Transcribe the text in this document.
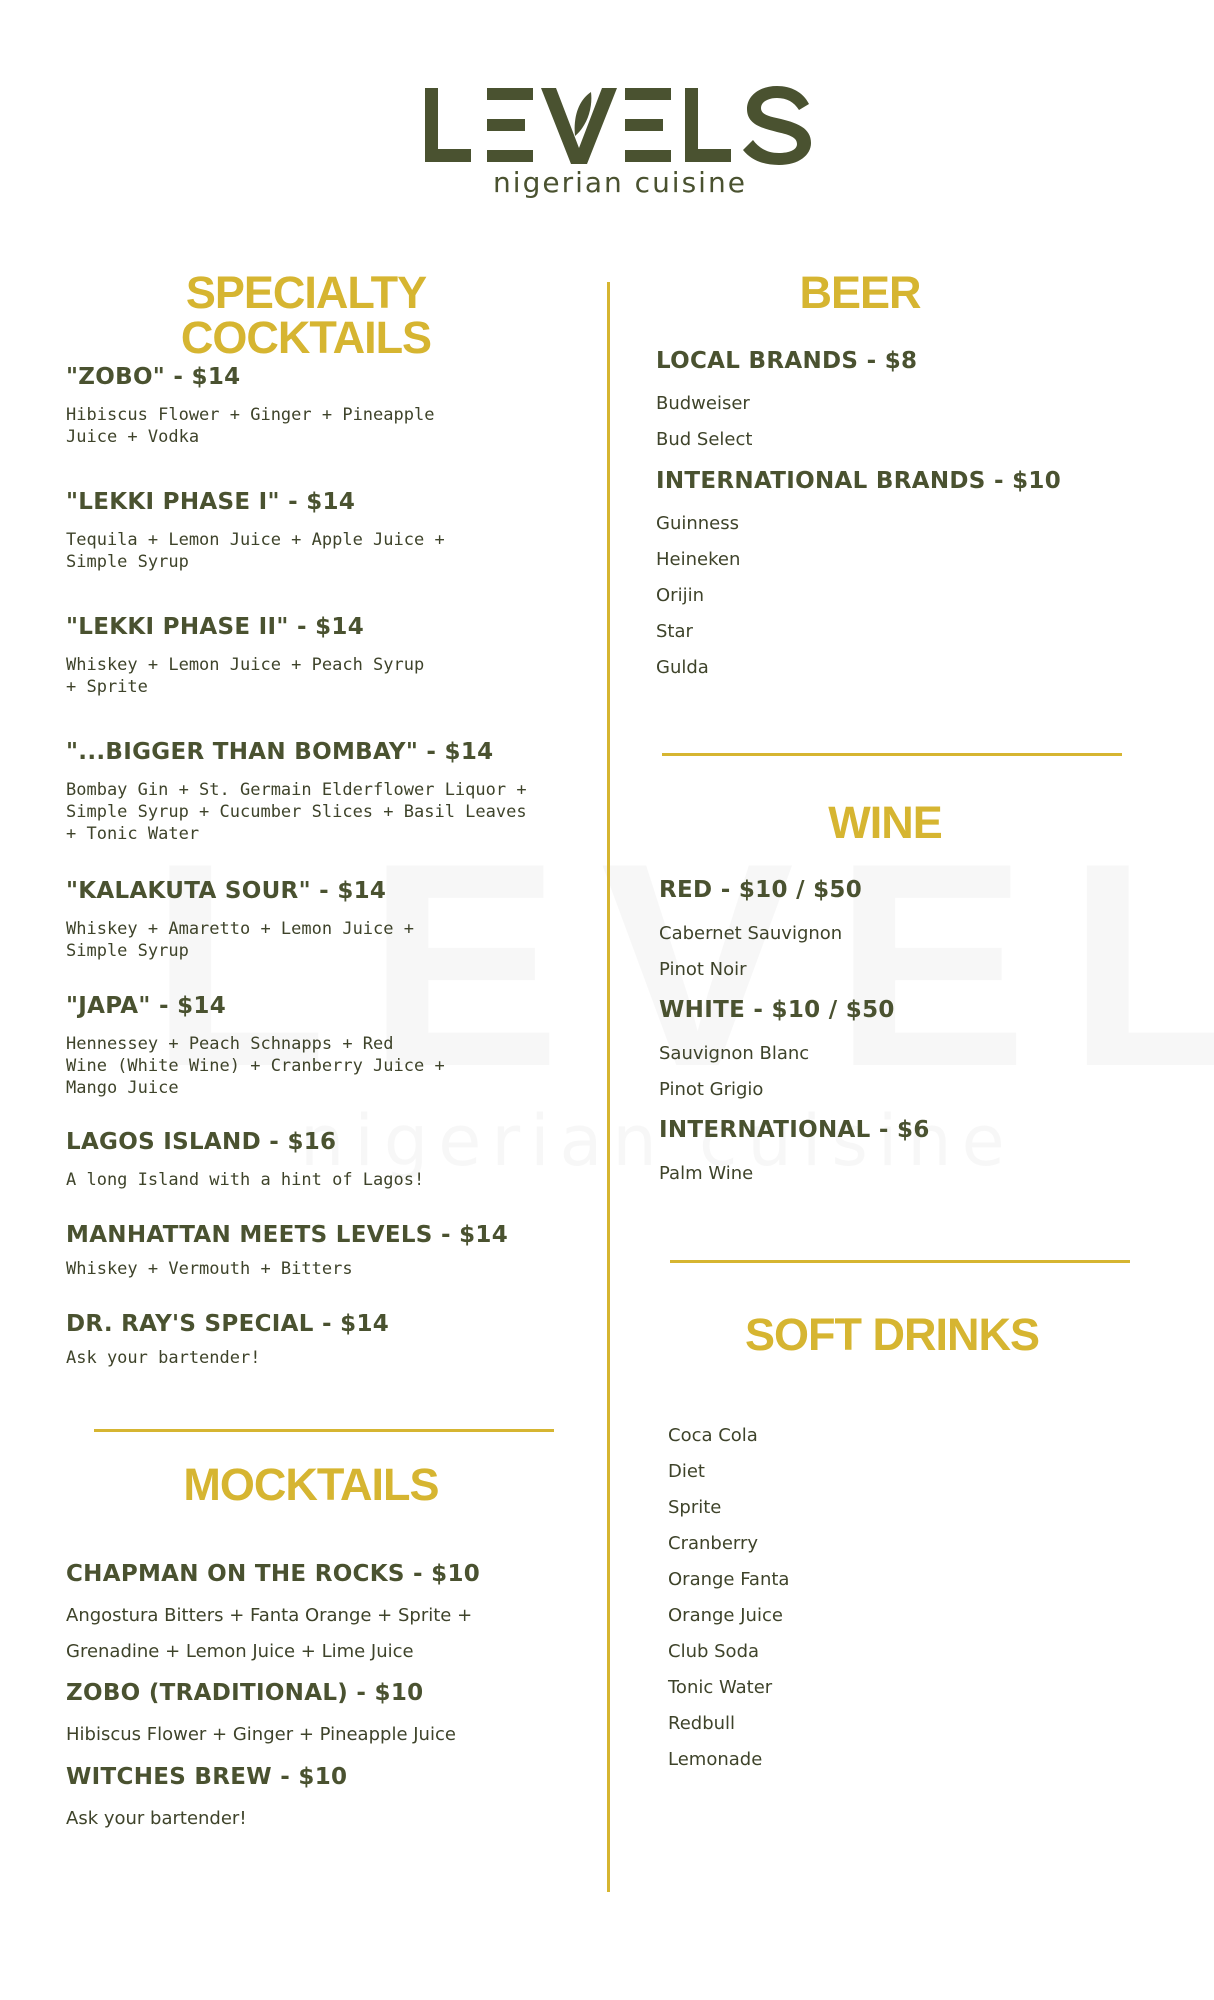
nigerian cuisine
SPECIALTY COCKTAILS
"ZOBO" - $14
Hibiscus Flower + Ginger + Pineapple
Juice + Vodka
"LEKKI PHASE I" - $14
Tequila + Lemon Juice + Apple Juice +
Simple Syrup
"LEKKI PHASE II" - $14
Whiskey + Lemon Juice + Peach Syrup
+ Sprite
"...BIGGER THAN BOMBAY" - $14
Bombay Gin + St. Germain Elderflower Liquor +
Simple Syrup + Cucumber Slices + Basil Leaves
+ Tonic Water
"KALAKUTA SOUR" - $14
Whiskey + Amaretto + Lemon Juice +
Simple Syrup
"JAPA" - $14
Hennessey + Peach Schnapps + Red
Wine (White Wine) + Cranberry Juice +
Mango Juice
LAGOS ISLAND - $16
A long Island with a hint of Lagos!
MANHATTAN MEETS LEVELS - $14
Whiskey + Vermouth + Bitters
DR. RAY'S SPECIAL - $14
Ask your bartender!
MOCKTAILS
CHAPMAN ON THE ROCKS - $10
Angostura Bitters + Fanta Orange + Sprite +
Grenadine + Lemon Juice + Lime Juice
ZOBO (TRADITIONAL) - $10
Hibiscus Flower + Ginger + Pineapple Juice
WITCHES BREW - $10
Ask your bartender!
BEER
LOCAL BRANDS - $8
Budweiser
Bud Select
INTERNATIONAL BRANDS - $10
Guinness
Heineken
Orijin
Star
Gulda
WINE
RED - $10 / $50
Cabernet Sauvignon
Pinot Noir
WHITE - $10 / $50
Sauvignon Blanc
Pinot Grigio
INTERNATIONAL - $6
Palm Wine
SOFT DRINKS
Coca Cola
Diet
Sprite
Cranberry
Orange Fanta
Orange Juice
Club Soda
Tonic Water
Redbull
Lemonade
